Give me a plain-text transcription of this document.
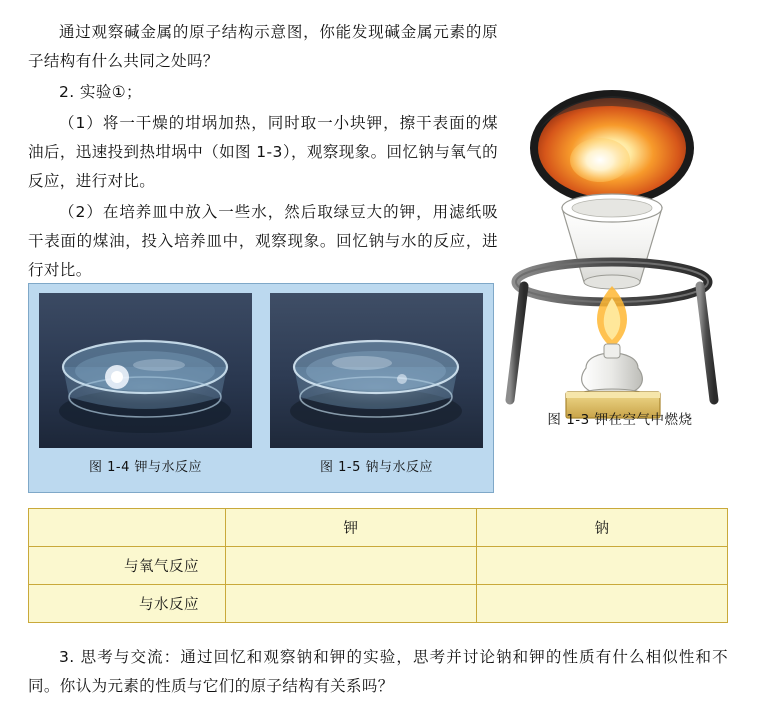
通过观察碱金属的原子结构示意图，你能发现碱金属元素的原子结构有什么共同之处吗？

2. 实验①；

（1）将一干燥的坩埚加热，同时取一小块钾，擦干表面的煤油后，迅速投到热坩埚中（如图 1-3），观察现象。回忆钠与氧气的反应，进行对比。

（2）在培养皿中放入一些水，然后取绿豆大的钾，用滤纸吸干表面的煤油，投入培养皿中，观察现象。回忆钠与水的反应，进行对比。

图 1-3 钾在空气中燃烧
图 1-4 钾与水反应	图 1-5 钠与水反应
	钾	钠
与氧气反应		
与水反应		

3. 思考与交流：通过回忆和观察钠和钾的实验，思考并讨论钠和钾的性质有什么相似性和不同。你认为元素的性质与它们的原子结构有关系吗？
